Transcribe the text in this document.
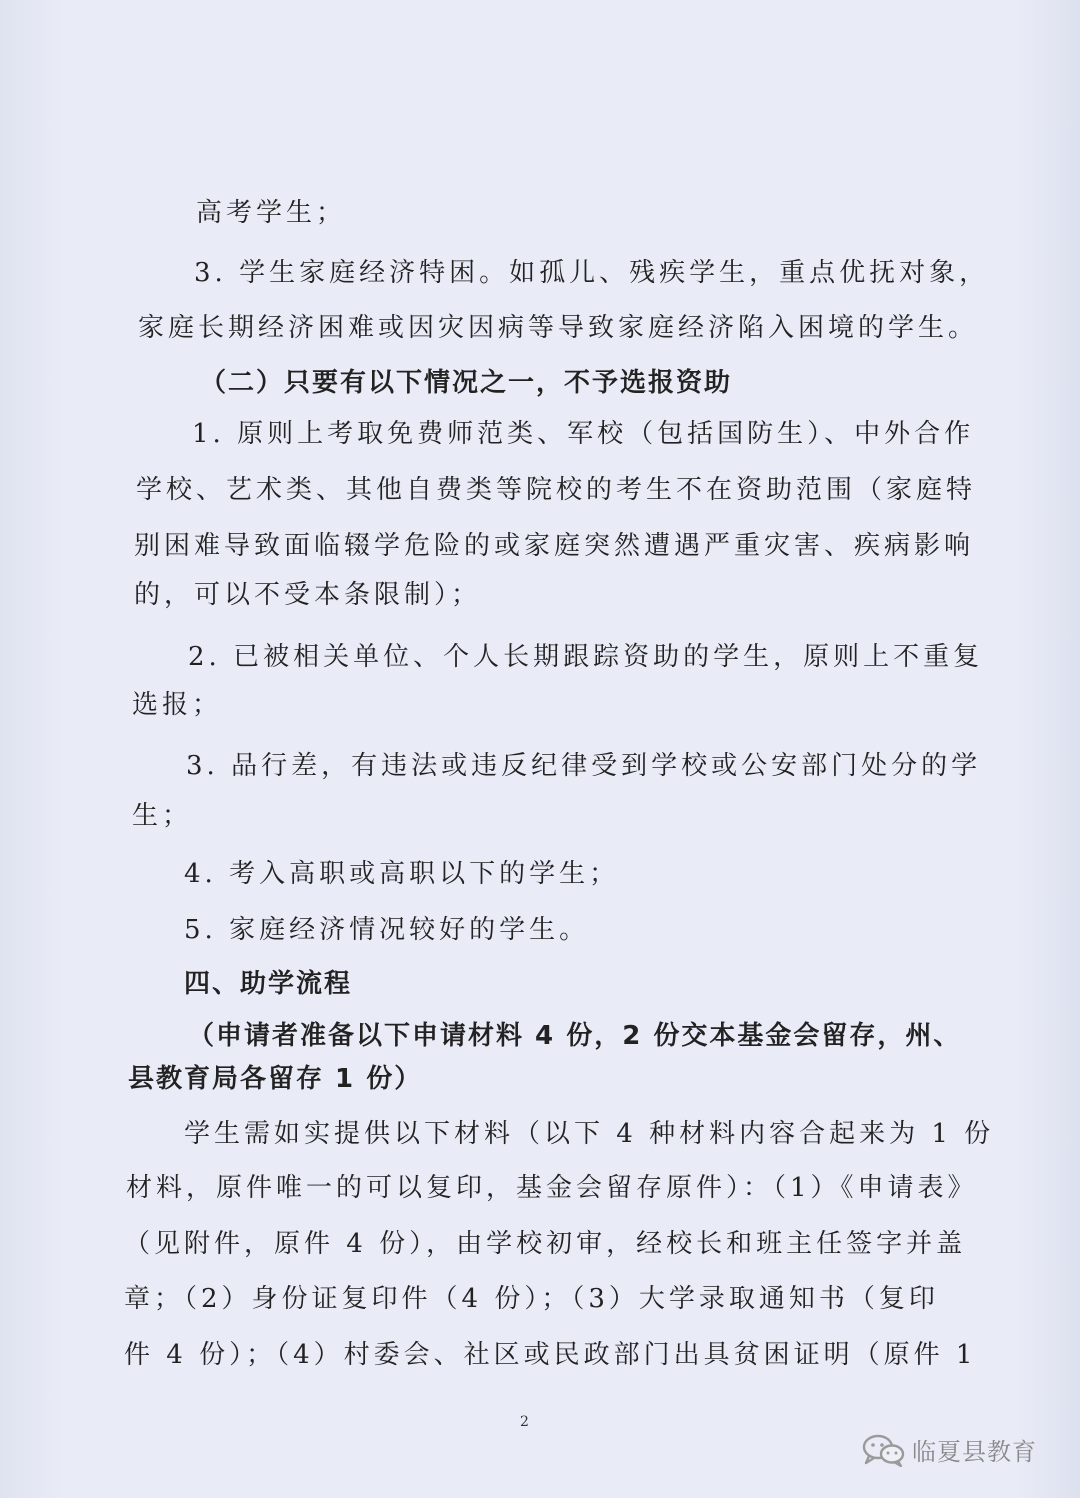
高考学生；
3. 学生家庭经济特困。如孤儿、残疾学生，重点优抚对象，
家庭长期经济困难或因灾因病等导致家庭经济陷入困境的学生。
（二）只要有以下情况之一，不予选报资助
1. 原则上考取免费师范类、军校（包括国防生）、中外合作
学校、艺术类、其他自费类等院校的考生不在资助范围（家庭特
别困难导致面临辍学危险的或家庭突然遭遇严重灾害、疾病影响
的，可以不受本条限制）；
2. 已被相关单位、个人长期跟踪资助的学生，原则上不重复
选报；
3. 品行差，有违法或违反纪律受到学校或公安部门处分的学
生；
4. 考入高职或高职以下的学生；
5. 家庭经济情况较好的学生。
四、助学流程
（申请者准备以下申请材料 4 份，2 份交本基金会留存，州、
县教育局各留存 1 份）
学生需如实提供以下材料（以下 4 种材料内容合起来为 1 份
材料，原件唯一的可以复印，基金会留存原件）：（1）《申请表》
（见附件，原件 4 份），由学校初审，经校长和班主任签字并盖
章；（2）身份证复印件（4 份）；（3）大学录取通知书（复印
件 4 份）；（4）村委会、社区或民政部门出具贫困证明（原件 1
2
临夏县教育
